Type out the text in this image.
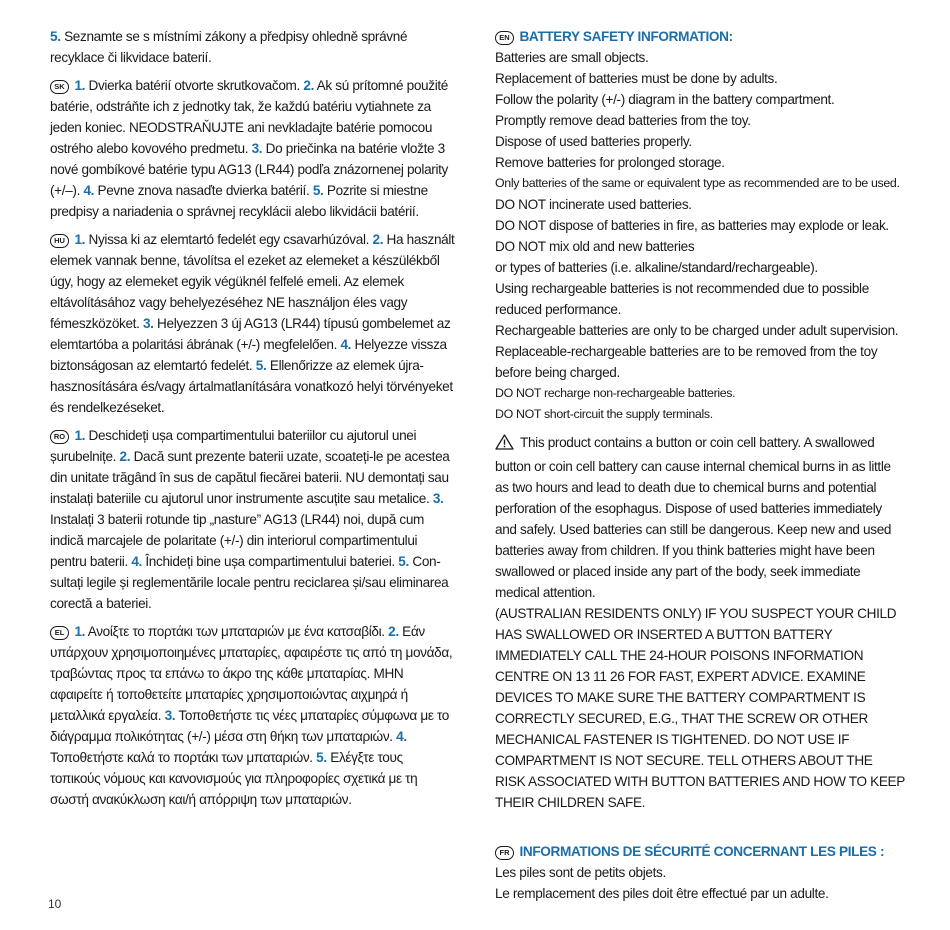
5. Seznamte se s místními zákony a předpisy ohledně správné recyklace či likvidace baterií.

SK 1. Dvierka batérií otvorte skrutkovačom. 2. Ak sú prítomné použité batérie, odstráňte ich z jednotky tak, že každú batériu vytiahnete za jeden koniec. NEODSTRAŇUJTE ani nevkladajte batérie pomocou ostrého alebo kovového predmetu. 3. Do priečinka na batérie vložte 3 nové gombíkové batérie typu AG13 (LR44) podľa znázornenej polarity (+/–). 4. Pevne znova nasaďte dvierka batérií. 5. Pozrite si miestne predpisy a nariadenia o správnej recyklácii alebo likvidácii batérií.

HU 1. Nyissa ki az elemtartó fedelét egy csavarhúzóval. 2. Ha használt elemek vannak benne, távolítsa el ezeket az elemeket a készülékből úgy, hogy az elemeket egyik végüknél felfelé emeli. Az elemek eltávolításához vagy behelyezéséhez NE használjon éles vagy fémeszközöket. 3. Helyezzen 3 új AG13 (LR44) típusú gombelemet az elemtartóba a polaritási ábrának (+/-) megfelelően. 4. Helyezze vissza biztonságosan az elemtartó fedelét. 5. Ellenőrizze az elemek újra-hasznosítására és/vagy ártalmatlanítására vonatkozó helyi törvényeket és rendelkezéseket.

RO 1. Deschideți ușa compartimentului bateriilor cu ajutorul unei șurubelnițe. 2. Dacă sunt prezente baterii uzate, scoateți-le pe acestea din unitate trăgând în sus de capătul fiecărei baterii. NU demontați sau instalați bateriile cu ajutorul unor instrumente ascuțite sau metalice. 3. Instalați 3 baterii rotunde tip „nasture” AG13 (LR44) noi, după cum indică marcajele de polaritate (+/-) din interiorul compartimentului pentru baterii. 4. Închideți bine ușa compartimentului bateriei. 5. Con-sultați legile și reglementările locale pentru reciclarea și/sau eliminarea corectă a bateriei.

EL 1. Ανοίξτε το πορτάκι των μπαταριών με ένα κατσαβίδι. 2. Εάν υπάρχουν χρησιμοποιημένες μπαταρίες, αφαιρέστε τις από τη μονάδα, τραβώντας προς τα επάνω το άκρο της κάθε μπαταρίας. ΜΗΝ αφαιρείτε ή τοποθετείτε μπαταρίες χρησιμοποιώντας αιχμηρά ή μεταλλικά εργαλεία. 3. Τοποθετήστε τις νέες μπαταρίες σύμφωνα με το διάγραμμα πολικότητας (+/-) μέσα στη θήκη των μπαταριών. 4. Τοποθετήστε καλά το πορτάκι των μπαταριών. 5. Ελέγξτε τους τοπικούς νόμους και κανονισμούς για πληροφορίες σχετικά με τη σωστή ανακύκλωση και/ή απόρριψη των μπαταριών.

EN BATTERY SAFETY INFORMATION:
Batteries are small objects.
Replacement of batteries must be done by adults.
Follow the polarity (+/-) diagram in the battery compartment.
Promptly remove dead batteries from the toy.
Dispose of used batteries properly.
Remove batteries for prolonged storage.
Only batteries of the same or equivalent type as recommended are to be used.
DO NOT incinerate used batteries.
DO NOT dispose of batteries in fire, as batteries may explode or leak.
DO NOT mix old and new batteries
or types of batteries (i.e. alkaline/standard/rechargeable).
Using rechargeable batteries is not recommended due to possible reduced performance.
Rechargeable batteries are only to be charged under adult supervision.
Replaceable-rechargeable batteries are to be removed from the toy before being charged.
DO NOT recharge non-rechargeable batteries.
DO NOT short-circuit the supply terminals.
This product contains a button or coin cell battery. A swallowed button or coin cell battery can cause internal chemical burns in as little as two hours and lead to death due to chemical burns and potential perforation of the esophagus. Dispose of used batteries immediately and safely. Used batteries can still be dangerous. Keep new and used batteries away from children. If you think batteries might have been swallowed or placed inside any part of the body, seek immediate medical attention.
(AUSTRALIAN RESIDENTS ONLY) IF YOU SUSPECT YOUR CHILD HAS SWALLOWED OR INSERTED A BUTTON BATTERY IMMEDIATELY CALL THE 24-HOUR POISONS INFORMATION CENTRE ON 13 11 26 FOR FAST, EXPERT ADVICE. EXAMINE DEVICES TO MAKE SURE THE BATTERY COMPARTMENT IS CORRECTLY SECURED, E.G., THAT THE SCREW OR OTHER MECHANICAL FASTENER IS TIGHTENED. DO NOT USE IF COMPARTMENT IS NOT SECURE. TELL OTHERS ABOUT THE RISK ASSOCIATED WITH BUTTON BATTERIES AND HOW TO KEEP THEIR CHILDREN SAFE.
FR INFORMATIONS DE SÉCURITÉ CONCERNANT LES PILES :
Les piles sont de petits objets.
Le remplacement des piles doit être effectué par un adulte.
10
